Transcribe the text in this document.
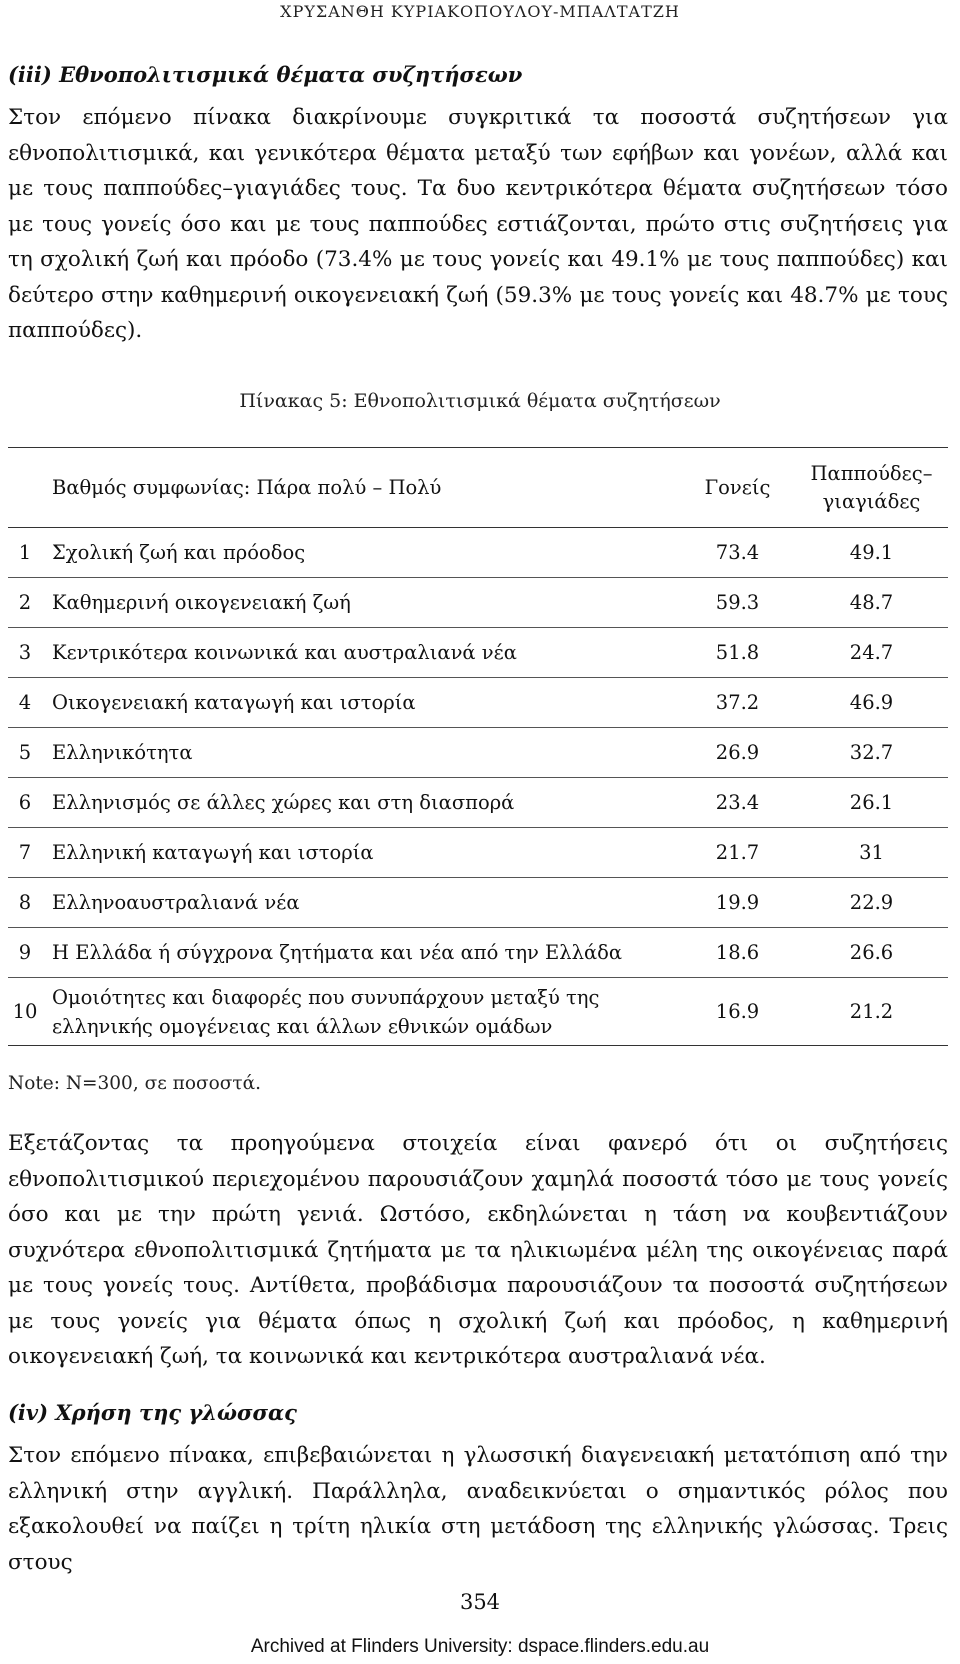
ΧΡΥΣΑΝΘΗ ΚΥΡΙΑΚΟΠΟΥΛΟΥ-ΜΠΑΛΤΑΤΖΗ
(iii) Εθνοπολιτισμικά θέματα συζητήσεων

Στον επόμενο πίνακα διακρίνουμε συγκριτικά τα ποσοστά συζητήσεων για εθνοπολιτισμικά, και γενικότερα θέματα μεταξύ των εφήβων και γονέων, αλλά και με τους παππούδες–γιαγιάδες τους. Τα δυο κεντρικότερα θέματα συζητήσεων τόσο με τους γονείς όσο και με τους παππούδες εστιάζονται, πρώτο στις συζητήσεις για τη σχολική ζωή και πρόοδο (73.4% με τους γονείς και 49.1% με τους παππούδες) και δεύτερο στην καθημερινή οικογενειακή ζωή (59.3% με τους γονείς και 48.7% με τους παππούδες).

Πίνακας 5: Εθνοπολιτισμικά θέματα συζητήσεων
	Βαθμός συμφωνίας: Πάρα πολύ – Πολύ	Γονείς	Παππούδες– γιαγιάδες
1	Σχολική ζωή και πρόοδος	73.4	49.1
2	Καθημερινή οικογενειακή ζωή	59.3	48.7
3	Κεντρικότερα κοινωνικά και αυστραλιανά νέα	51.8	24.7
4	Οικογενειακή καταγωγή και ιστορία	37.2	46.9
5	Ελληνικότητα	26.9	32.7
6	Ελληνισμός σε άλλες χώρες και στη διασπορά	23.4	26.1
7	Ελληνική καταγωγή και ιστορία	21.7	31
8	Ελληνοαυστραλιανά νέα	19.9	22.9
9	Η Ελλάδα ή σύγχρονα ζητήματα και νέα από την Ελλάδα	18.6	26.6
10	Ομοιότητες και διαφορές που συνυπάρχουν μεταξύ της ελληνικής ομογένειας και άλλων εθνικών ομάδων	16.9	21.2
Note: N=300, σε ποσοστά.

Εξετάζοντας τα προηγούμενα στοιχεία είναι φανερό ότι οι συζητήσεις εθνοπολιτισμικού περιεχομένου παρουσιάζουν χαμηλά ποσοστά τόσο με τους γονείς όσο και με την πρώτη γενιά. Ωστόσο, εκδηλώνεται η τάση να κουβεντιάζουν συχνότερα εθνοπολιτισμικά ζητήματα με τα ηλικιωμένα μέλη της οικογένειας παρά με τους γονείς τους. Αντίθετα, προβάδισμα παρουσιάζουν τα ποσοστά συζητήσεων με τους γονείς για θέματα όπως η σχολική ζωή και πρόοδος, η καθημερινή οικογενειακή ζωή, τα κοινωνικά και κεντρικότερα αυστραλιανά νέα.

(iv) Χρήση της γλώσσας

Στον επόμενο πίνακα, επιβεβαιώνεται η γλωσσική διαγενειακή μετατόπιση από την ελληνική στην αγγλική. Παράλληλα, αναδεικνύεται ο σημαντικός ρόλος που εξακολουθεί να παίζει η τρίτη ηλικία στη μετάδοση της ελληνικής γλώσσας. Τρεις στους

354
Archived at Flinders University: dspace.flinders.edu.au
